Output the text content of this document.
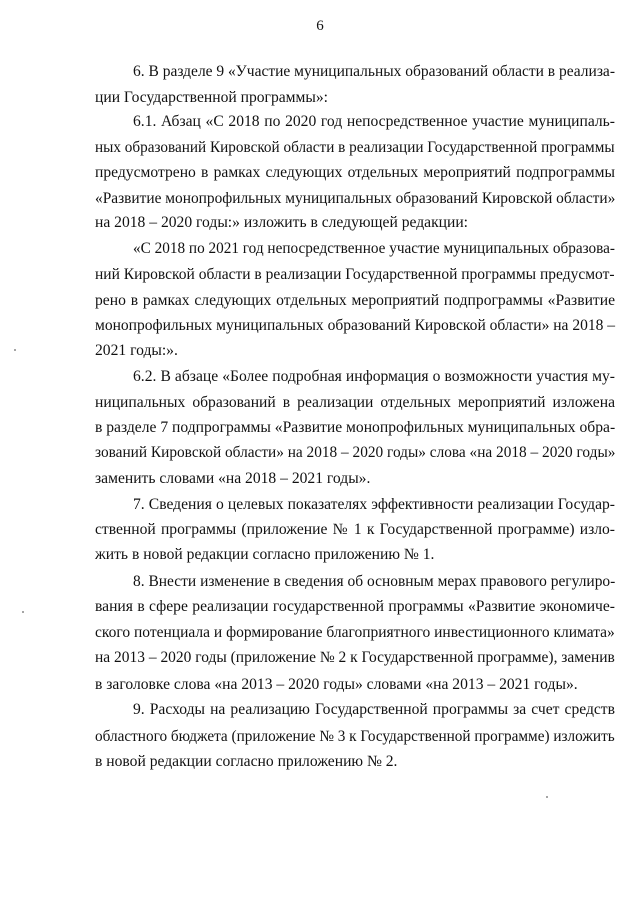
6
6. В разделе 9 «Участие муниципальных образований области в реализа-
ции Государственной программы»:
6.1. Абзац «С 2018 по 2020 год непосредственное участие муниципаль-
ных образований Кировской области в реализации Государственной программы
предусмотрено в рамках следующих отдельных мероприятий подпрограммы
«Развитие монопрофильных муниципальных образований Кировской области»
на 2018 – 2020 годы:» изложить в следующей редакции:
«С 2018 по 2021 год непосредственное участие муниципальных образова-
ний Кировской области в реализации Государственной программы предусмот-
рено в рамках следующих отдельных мероприятий подпрограммы «Развитие
монопрофильных муниципальных образований Кировской области» на 2018 –
2021 годы:».
6.2. В абзаце «Более подробная информация о возможности участия му-
ниципальных образований в реализации отдельных мероприятий изложена
в разделе 7 подпрограммы «Развитие монопрофильных муниципальных обра-
зований Кировской области» на 2018 – 2020 годы» слова «на 2018 – 2020 годы»
заменить словами «на 2018 – 2021 годы».
7. Сведения о целевых показателях эффективности реализации Государ-
ственной программы (приложение № 1 к Государственной программе) изло-
жить в новой редакции согласно приложению № 1.
8. Внести изменение в сведения об основным мерах правового регулиро-
вания в сфере реализации государственной программы «Развитие экономиче-
ского потенциала и формирование благоприятного инвестиционного климата»
на 2013 – 2020 годы (приложение № 2 к Государственной программе), заменив
в заголовке слова «на 2013 – 2020 годы» словами «на 2013 – 2021 годы».
9. Расходы на реализацию Государственной программы за счет средств
областного бюджета (приложение № 3 к Государственной программе) изложить
в новой редакции согласно приложению № 2.
